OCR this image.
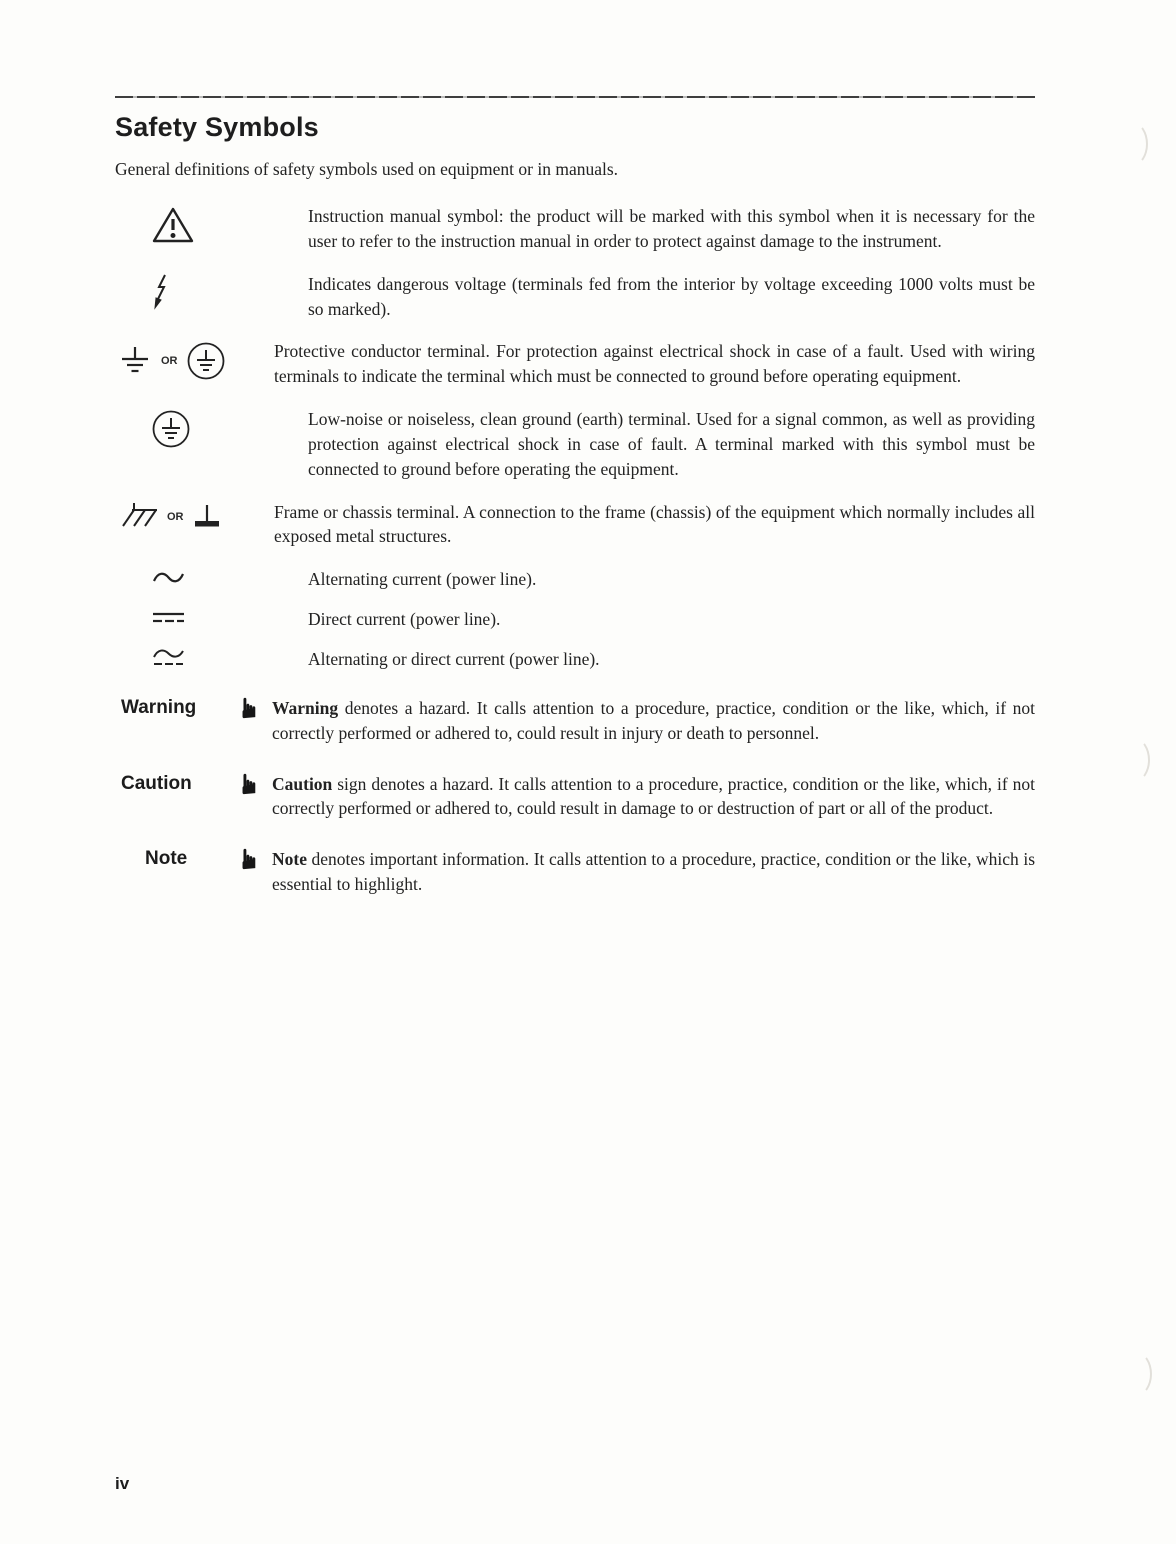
Safety Symbols

General definitions of safety symbols used on equipment or in manuals.

Instruction manual symbol: the product will be marked with this symbol when it is necessary for the user to refer to the instruction manual in order to protect against damage to the instrument.

Indicates dangerous voltage (terminals fed from the interior by voltage exceeding 1000 volts must be so marked).

OR	Protective conductor terminal. For protection against electrical shock in case of a fault. Used with wiring terminals to indicate the terminal which must be connected to ground before operating equipment.

Low-noise or noiseless, clean ground (earth) terminal. Used for a signal common, as well as providing protection against electrical shock in case of fault. A terminal marked with this symbol must be connected to ground before operating the equipment.

OR	Frame or chassis terminal. A connection to the frame (chassis) of the equipment which normally includes all exposed metal structures.

Alternating current (power line).

Direct current (power line).

Alternating or direct current (power line).

Warning ☛ Warning denotes a hazard. It calls attention to a procedure, practice, condition or the like, which, if not correctly performed or adhered to, could result in injury or death to personnel.

Caution ☛ Caution sign denotes a hazard. It calls attention to a procedure, practice, condition or the like, which, if not correctly performed or adhered to, could result in damage to or destruction of part or all of the product.

Note ☛ Note denotes important information. It calls attention to a procedure, practice, condition or the like, which is essential to highlight.

iv
